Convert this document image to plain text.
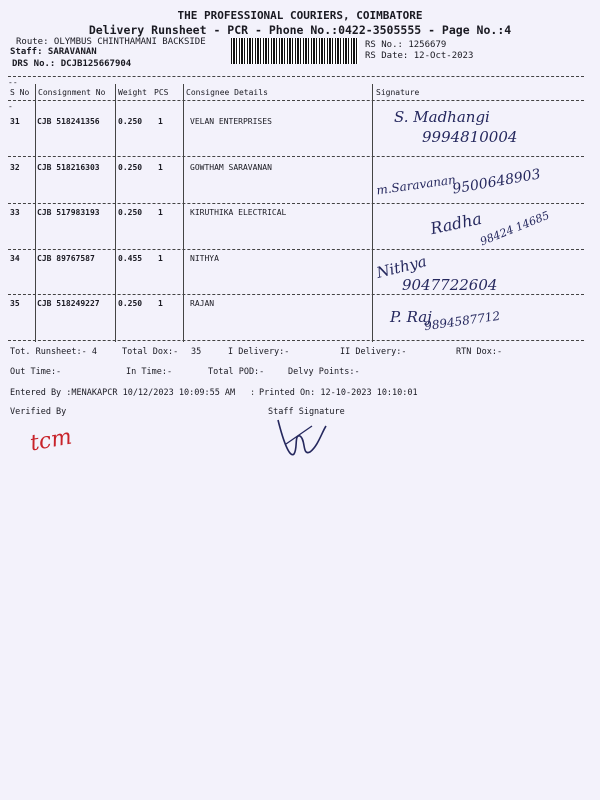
THE PROFESSIONAL COURIERS, COIMBATORE
Delivery Runsheet - PCR - Phone No.:0422-3505555 - Page No.:4
Route: OLYMBUS CHINTHAMANI BACKSIDE
Staff: SARAVANAN
DRS No.: DCJB125667904
RS No.: 1256679
RS Date: 12-Oct-2023
--
S No Consignment No Weight PCS Consignee Details	Signature
-
31 CJB 518241356 0.250 1	VELAN ENTERPRISES	S. Madhangi
9994810004
32 CJB 518216303 0.250 1	GOWTHAM SARAVANAN
m.Saravanan
9500648903
33 CJB 517983193 0.250 1	KIRUTHIKA ELECTRICAL	Radha
98424 14685
34 CJB 89767587	0.455 1	NITHYA	Nithya
9047722604
35 CJB 518249227 0.250 1	RAJAN
P. Raj
9894587712
Tot. Runsheet:- 4	Total Dox:- 35	I Delivery:-	II Delivery:-	RTN Dox:-
Out Time:-	In Time:-	Total POD:-	Delvy Points:-
Entered By :MENAKAPCR 10/12/2023 10:09:55 AM : Printed On: 12-10-2023 10:10:01
Verified By	Staff Signature
tcm
